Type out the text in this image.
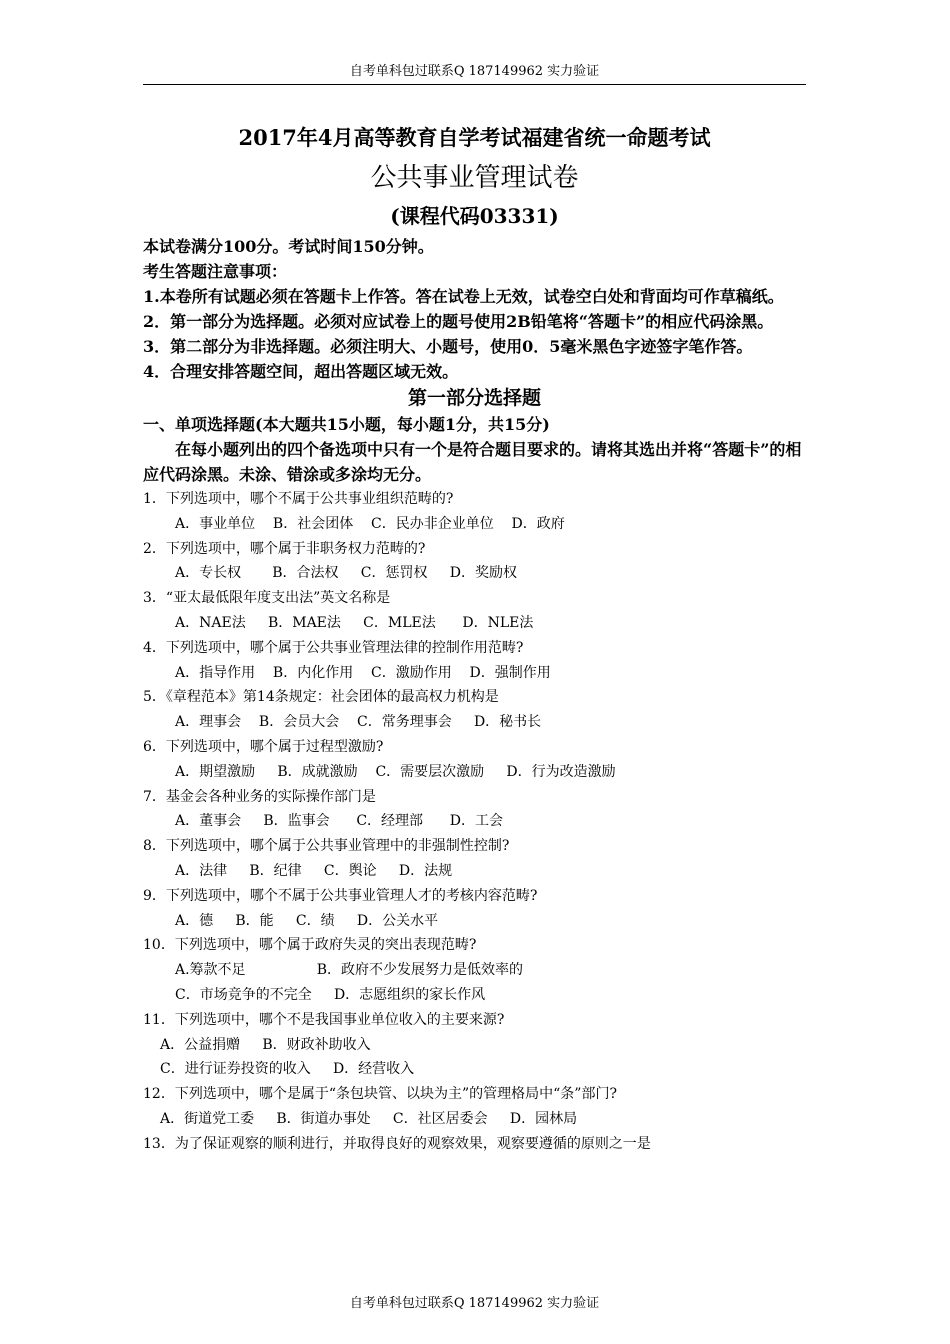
自考单科包过联系Q 187149962 实力验证
2017年4月高等教育自学考试福建省统一命题考试
公共事业管理试卷
(课程代码03331)
本试卷满分100分。考试时间150分钟。
考生答题注意事项：
1.本卷所有试题必须在答题卡上作答。答在试卷上无效，试卷空白处和背面均可作草稿纸。
2．第一部分为选择题。必须对应试卷上的题号使用2B铅笔将“答题卡”的相应代码涂黑。
3．第二部分为非选择题。必须注明大、小题号，使用0．5毫米黑色字迹签字笔作答。
4．合理安排答题空间，超出答题区域无效。
第一部分选择题
一、单项选择题(本大题共15小题，每小题1分，共15分)
在每小题列出的四个备选项中只有一个是符合题目要求的。请将其选出并将“答题卡”的相应代码涂黑。未涂、错涂或多涂均无分。
1．下列选项中，哪个不属于公共事业组织范畴的?
A．事业单位    B．社会团体    C．民办非企业单位    D．政府
2．下列选项中，哪个属于非职务权力范畴的?
A．专长权       B．合法权     C．惩罚权     D．奖励权
3．“亚太最低限年度支出法”英文名称是
A．NAE法     B．MAE法     C．MLE法      D．NLE法
4．下列选项中，哪个属于公共事业管理法律的控制作用范畴?
A．指导作用    B．内化作用    C．激励作用    D．强制作用
5．《章程范本》第14条规定：社会团体的最高权力机构是
A．理事会    B．会员大会    C．常务理事会     D．秘书长
6．下列选项中，哪个属于过程型激励?
A．期望激励     B．成就激励    C．需要层次激励     D．行为改造激励
7．基金会各种业务的实际操作部门是
A．董事会     B．监事会      C．经理部      D．工会
8．下列选项中，哪个属于公共事业管理中的非强制性控制?
A．法律     B．纪律     C．舆论     D．法规
9．下列选项中，哪个不属于公共事业管理人才的考核内容范畴?
A．德     B．能     C．绩     D．公关水平
10．下列选项中，哪个属于政府失灵的突出表现范畴?
A.筹款不足                B．政府不少发展努力是低效率的
C．市场竞争的不完全     D．志愿组织的家长作风
11．下列选项中，哪个不是我国事业单位收入的主要来源?
A．公益捐赠     B．财政补助收入
C．进行证券投资的收入     D．经营收入
12．下列选项中，哪个是属于“条包块管、以块为主”的管理格局中“条”部门?
A．街道党工委     B．街道办事处     C．社区居委会     D．园林局
13．为了保证观察的顺利进行，并取得良好的观察效果，观察要遵循的原则之一是
自考单科包过联系Q 187149962 实力验证
